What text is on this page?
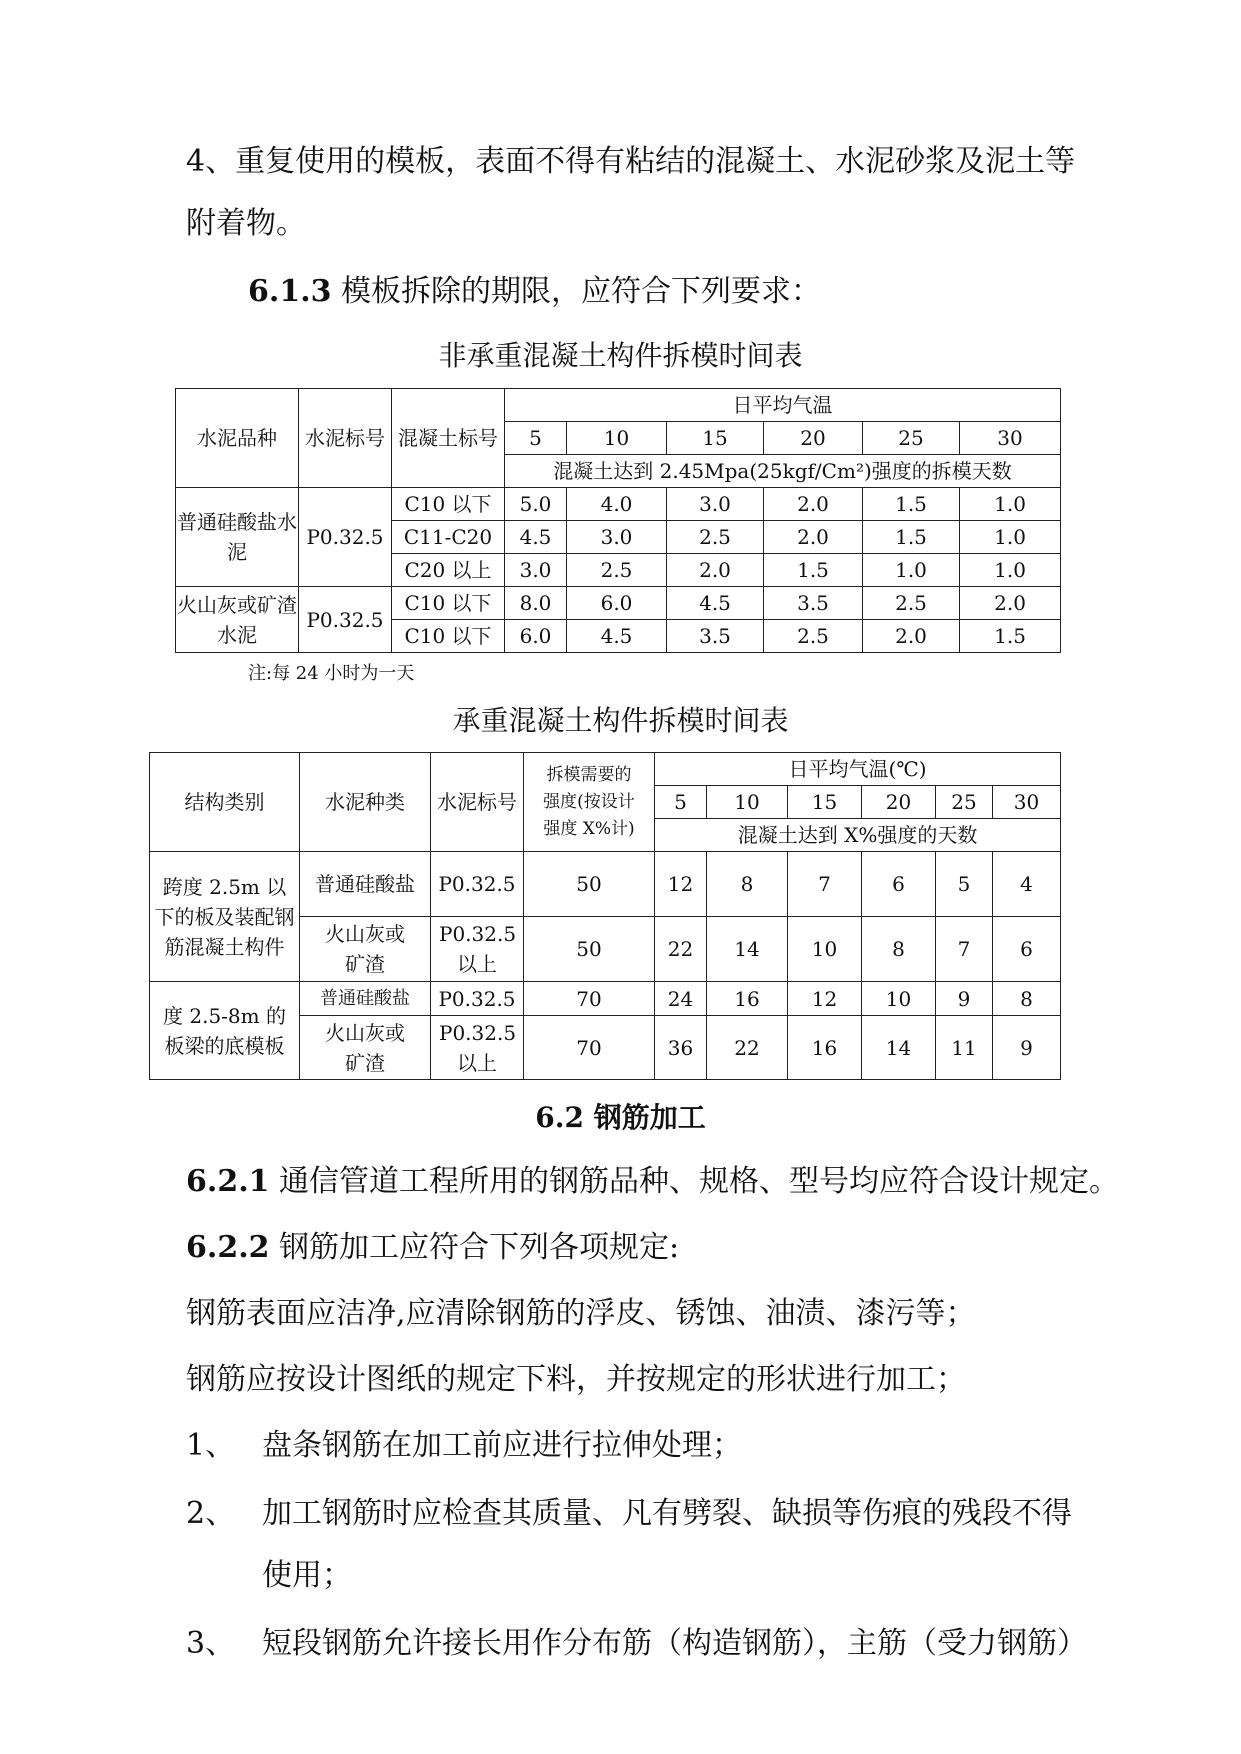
4、重复使用的模板，表面不得有粘结的混凝土、水泥砂浆及泥土等
附着物。
6.1.3 模板拆除的期限，应符合下列要求：
非承重混凝土构件拆模时间表
水泥品种	水泥标号	混凝土标号	日平均气温					
			5	10	15	20	25	30
			混凝土达到 2.45Mpa(25kgf/Cm²)强度的拆模天数					
普通硅酸盐水泥	P0.32.5	C10 以下	5.0	4.0	3.0	2.0	1.5	1.0
		C11-C20	4.5	3.0	2.5	2.0	1.5	1.0
		C20 以上	3.0	2.5	2.0	1.5	1.0	1.0
火山灰或矿渣水泥	P0.32.5	C10 以下	8.0	6.0	4.5	3.5	2.5	2.0
		C10 以下	6.0	4.5	3.5	2.5	2.0	1.5
注:每 24 小时为一天
承重混凝土构件拆模时间表
结构类别	水泥种类	水泥标号	拆模需要的
强度(按设计
强度 X%计)	日平均气温(℃)					
				5	10	15	20	25	30
				混凝土达到 X%强度的天数					
跨度 2.5m 以下的板及装配钢筋混凝土构件	普通硅酸盐	P0.32.5	50	12	8	7	6	5	4
	火山灰或矿渣	P0.32.5 以上	50	22	14	10	8	7	6
度 2.5-8m 的板梁的底模板	普通硅酸盐	P0.32.5	70	24	16	12	10	9	8
	火山灰或矿渣	P0.32.5 以上	70	36	22	16	14	11	9
6.2 钢筋加工
6.2.1 通信管道工程所用的钢筋品种、规格、型号均应符合设计规定。
6.2.2 钢筋加工应符合下列各项规定:
钢筋表面应洁净,应清除钢筋的浮皮、锈蚀、油渍、漆污等；
钢筋应按设计图纸的规定下料，并按规定的形状进行加工；
1、 盘条钢筋在加工前应进行拉伸处理；
2、 加工钢筋时应检查其质量、凡有劈裂、缺损等伤痕的残段不得
使用；
3、 短段钢筋允许接长用作分布筋（构造钢筋），主筋（受力钢筋）
